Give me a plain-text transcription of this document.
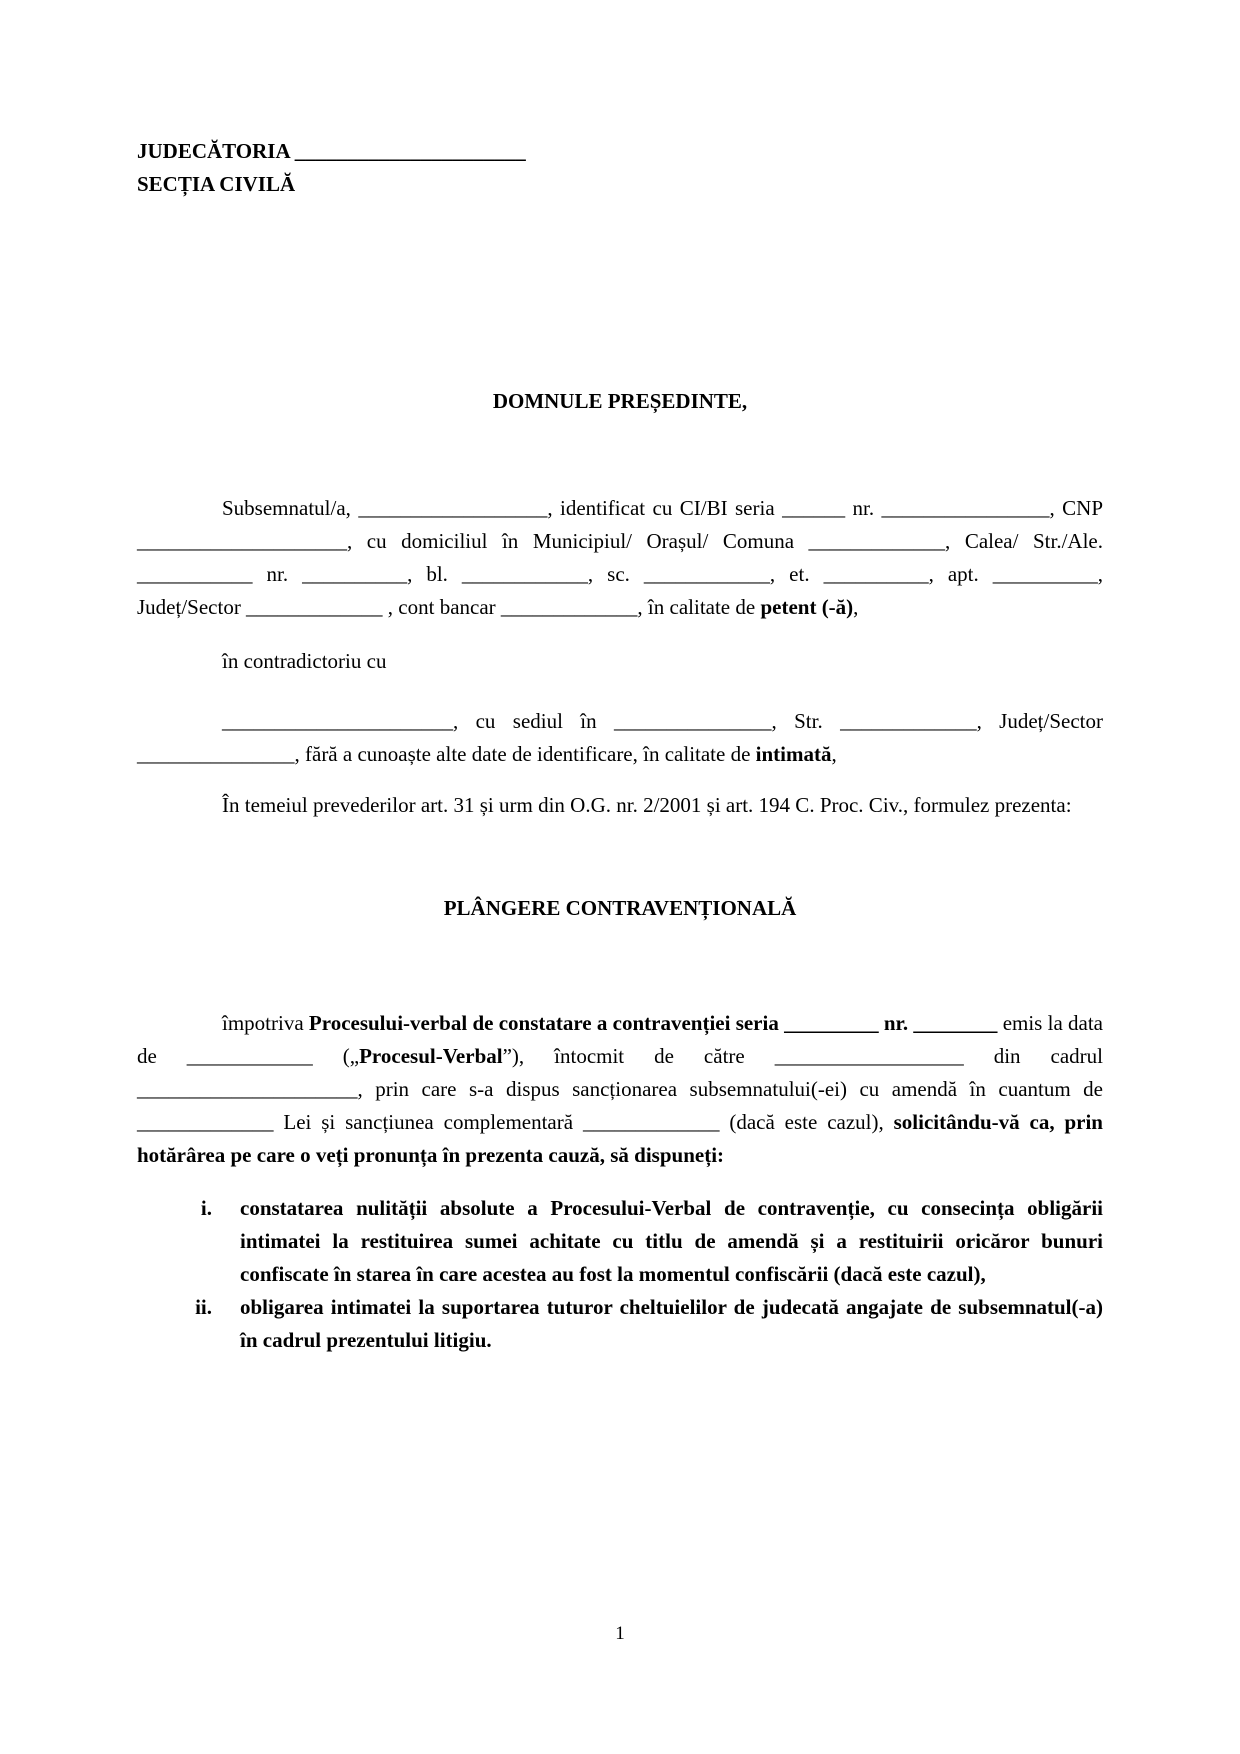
JUDECĂTORIA ______________________

SECȚIA CIVILĂ

DOMNULE PREȘEDINTE,

Subsemnatul/a, __________________, identificat cu CI/BI seria ______ nr. ________________, CNP ____________________, cu domiciliul în Municipiul/ Orașul/ Comuna _____________, Calea/ Str./Ale. ___________ nr. __________, bl. ____________, sc. ____________, et. __________, apt. __________, Județ/Sector _____________ , cont bancar _____________, în calitate de petent (-ă),

în contradictoriu cu

______________________, cu sediul în _______________, Str. _____________, Județ/Sector _______________, fără a cunoaște alte date de identificare, în calitate de intimată,

În temeiul prevederilor art. 31 și urm din O.G. nr. 2/2001 și art. 194 C. Proc. Civ., formulez prezenta:

PLÂNGERE CONTRAVENȚIONALĂ

împotriva Procesului-verbal de constatare a contravenției seria _________ nr. ________ emis la data de ____________ („Procesul-Verbal”), întocmit de către __________________ din cadrul _____________________, prin care s-a dispus sancționarea subsemnatului(-ei) cu amendă în cuantum de _____________ Lei și sancțiunea complementară _____________ (dacă este cazul), solicitându-vă ca, prin hotărârea pe care o veți pronunța în prezenta cauză, să dispuneți:

i. constatarea nulității absolute a Procesului-Verbal de contravenție, cu consecința obligării intimatei la restituirea sumei achitate cu titlu de amendă și a restituirii oricăror bunuri confiscate în starea în care acestea au fost la momentul confiscării (dacă este cazul),
ii. obligarea intimatei la suportarea tuturor cheltuielilor de judecată angajate de subsemnatul(-a) în cadrul prezentului litigiu.
1
